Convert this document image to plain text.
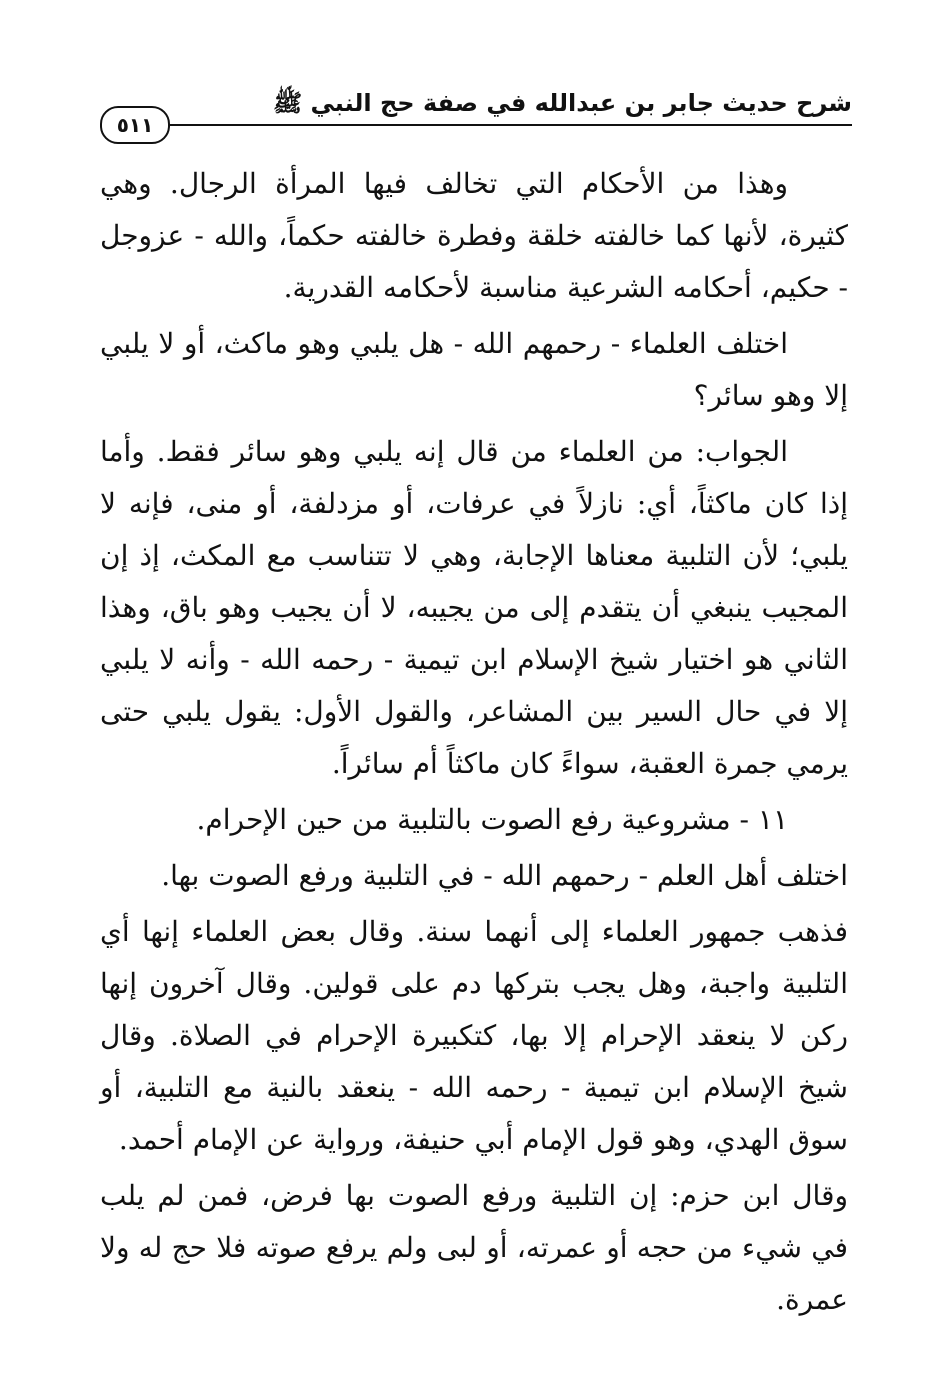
شرح حديث جابر بن عبدالله في صفة حج النبي ﷺ
٥١١

وهذا من الأحكام التي تخالف فيها المرأة الرجال. وهي كثيرة، لأنها كما خالفته خلقة وفطرة خالفته حكماً، والله - عزوجل - حكيم، أحكامه الشرعية مناسبة لأحكامه القدرية.

اختلف العلماء - رحمهم الله - هل يلبي وهو ماكث، أو لا يلبي إلا وهو سائر؟

الجواب: من العلماء من قال إنه يلبي وهو سائر فقط. وأما إذا كان ماكثاً، أي: نازلاً في عرفات، أو مزدلفة، أو منى، فإنه لا يلبي؛ لأن التلبية معناها الإجابة، وهي لا تتناسب مع المكث، إذ إن المجيب ينبغي أن يتقدم إلى من يجيبه، لا أن يجيب وهو باق، وهذا الثاني هو اختيار شيخ الإسلام ابن تيمية - رحمه الله - وأنه لا يلبي إلا في حال السير بين المشاعر، والقول الأول: يقول يلبي حتى يرمي جمرة العقبة، سواءً كان ماكثاً أم سائراً.

١١ - مشروعية رفع الصوت بالتلبية من حين الإحرام.

اختلف أهل العلم - رحمهم الله - في التلبية ورفع الصوت بها.

فذهب جمهور العلماء إلى أنهما سنة. وقال بعض العلماء إنها أي التلبية واجبة، وهل يجب بتركها دم على قولين. وقال آخرون إنها ركن لا ينعقد الإحرام إلا بها، كتكبيرة الإحرام في الصلاة. وقال شيخ الإسلام ابن تيمية - رحمه الله - ينعقد بالنية مع التلبية، أو سوق الهدي، وهو قول الإمام أبي حنيفة، ورواية عن الإمام أحمد.

وقال ابن حزم: إن التلبية ورفع الصوت بها فرض، فمن لم يلب في شيء من حجه أو عمرته، أو لبى ولم يرفع صوته فلا حج له ولا عمرة.
